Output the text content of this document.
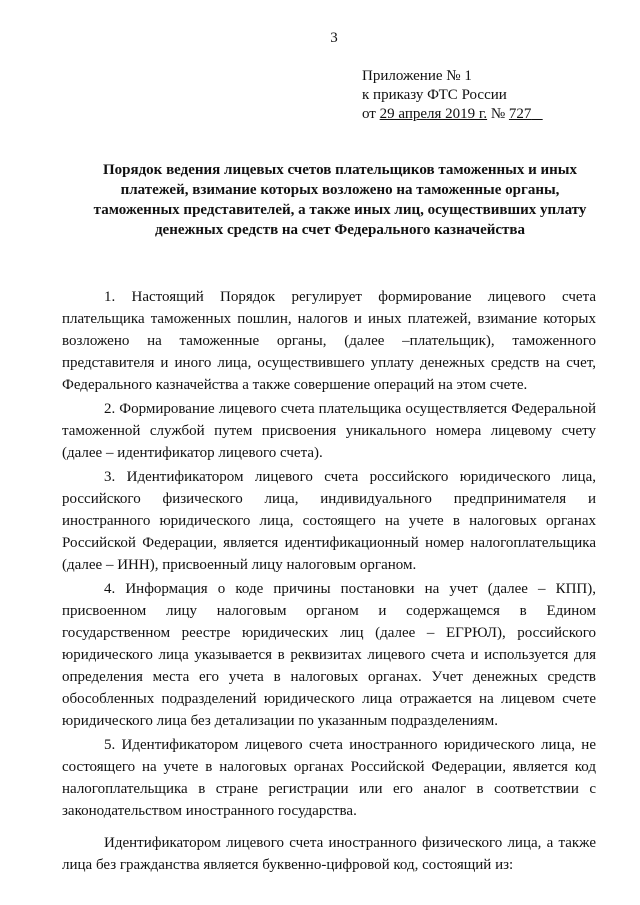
3
Приложение № 1
к приказу ФТС России
от 29 апреля 2019 г. № 727
Порядок ведения лицевых счетов плательщиков таможенных и иных платежей, взимание которых возложено на таможенные органы, таможенных представителей, а также иных лиц, осуществивших уплату денежных средств на счет Федерального казначейства

1. Настоящий Порядок регулирует формирование лицевого счета плательщика таможенных пошлин, налогов и иных платежей, взимание которых возложено на таможенные органы, (далее –плательщик), таможенного представителя и иного лица, осуществившего уплату денежных средств на счет, Федерального казначейства а также совершение операций на этом счете.

2. Формирование лицевого счета плательщика осуществляется Федеральной таможенной службой путем присвоения уникального номера лицевому счету (далее – идентификатор лицевого счета).

3. Идентификатором лицевого счета российского юридического лица, российского физического лица, индивидуального предпринимателя и иностранного юридического лица, состоящего на учете в налоговых органах Российской Федерации, является идентификационный номер налогоплательщика (далее – ИНН), присвоенный лицу налоговым органом.

4. Информация о коде причины постановки на учет (далее – КПП), присвоенном лицу налоговым органом и содержащемся в Едином государственном реестре юридических лиц (далее – ЕГРЮЛ), российского юридического лица указывается в реквизитах лицевого счета и используется для определения места его учета в налоговых органах. Учет денежных средств обособленных подразделений юридического лица отражается на лицевом счете юридического лица без детализации по указанным подразделениям.

5. Идентификатором лицевого счета иностранного юридического лица, не состоящего на учете в налоговых органах Российской Федерации, является код налогоплательщика в стране регистрации или его аналог в соответствии с законодательством иностранного государства.

Идентификатором лицевого счета иностранного физического лица, а также лица без гражданства является буквенно-цифровой код, состоящий из:
